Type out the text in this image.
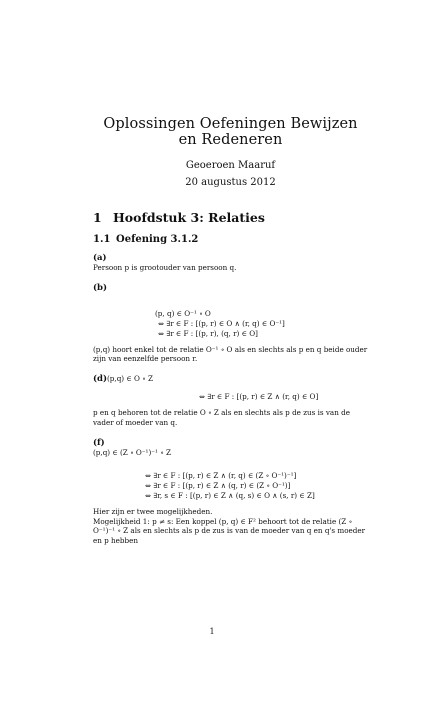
Oplossingen Oefeningen Bewijzen en Redeneren
Geoeroen Maaruf
20 augustus 2012
1 Hoofdstuk 3: Relaties
1.1 Oefening 3.1.2
(a)
Persoon p is grootouder van persoon q.
(b)
(p, q) ∈ O⁻¹ ∘ O
⇔ ∃r ∈ F : [(p, r) ∈ O ∧ (r, q) ∈ O⁻¹]
⇔ ∃r ∈ F : [(p, r), (q, r) ∈ O]
(p,q) hoort enkel tot de relatie O⁻¹ ∘ O als en slechts als p en q beide ouder zijn van eenzelfde persoon r.
(d)(p,q) ∈ O ∘ Z
⇔ ∃r ∈ F : [(p, r) ∈ Z ∧ (r, q) ∈ O]
p en q behoren tot de relatie O ∘ Z als en slechts als p de zus is van de vader of moeder van q.
(f)
(p,q) ∈ (Z ∘ O⁻¹)⁻¹ ∘ Z
⇔ ∃r ∈ F : [(p, r) ∈ Z ∧ (r, q) ∈ (Z ∘ O⁻¹)⁻¹]
⇔ ∃r ∈ F : [(p, r) ∈ Z ∧ (q, r) ∈ (Z ∘ O⁻¹)]
⇔ ∃r, s ∈ F : [(p, r) ∈ Z ∧ (q, s) ∈ O ∧ (s, r) ∈ Z]
Hier zijn er twee mogelijkheden.
Mogelijkheid 1: p ≠ s: Een koppel (p, q) ∈ F² behoort tot de relatie (Z ∘ O⁻¹)⁻¹ ∘ Z als en slechts als p de zus is van de moeder van q en q's moeder en p hebben
1
